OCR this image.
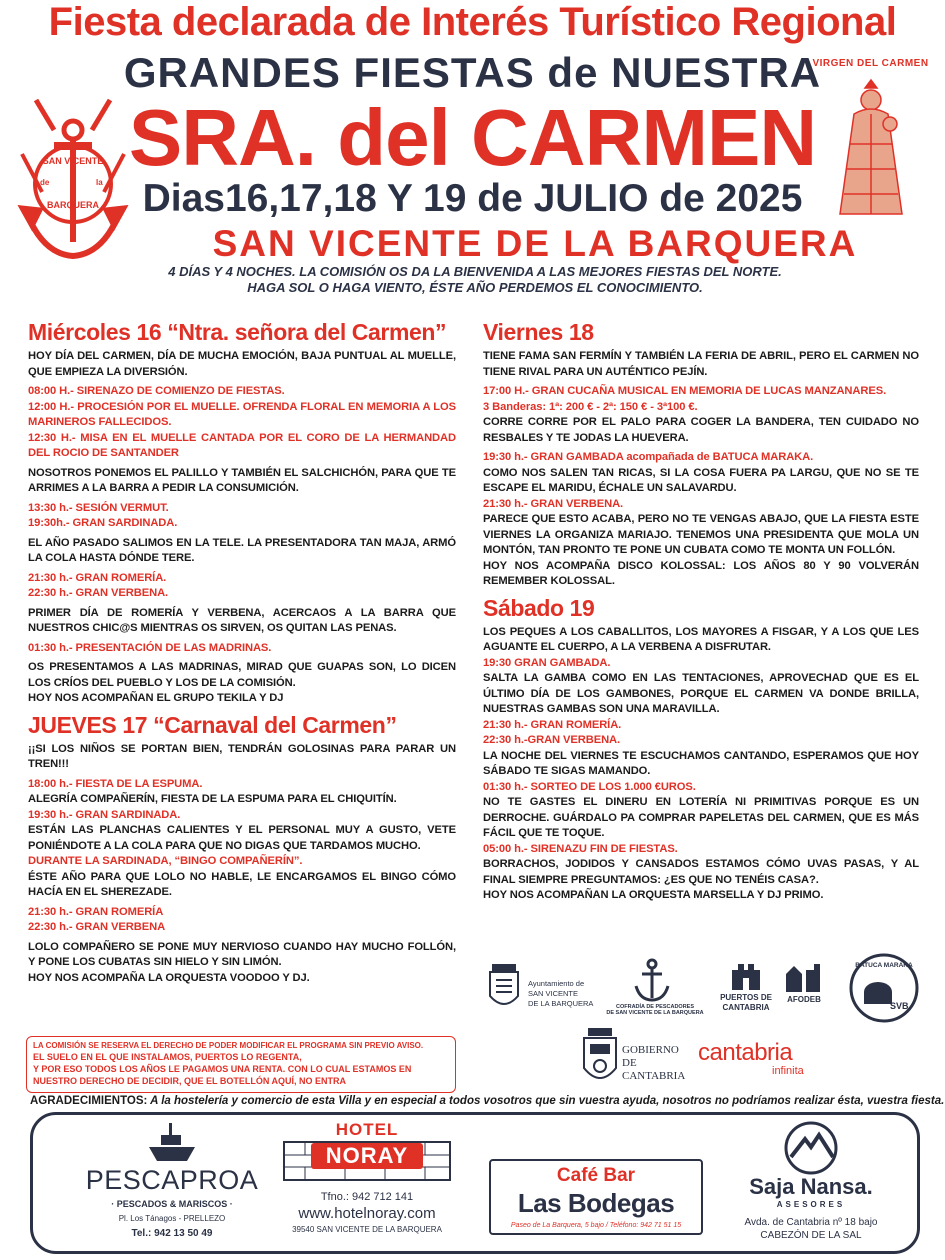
Fiesta declarada de Interés Turístico Regional
GRANDES FIESTAS de NUESTRA
SRA. del CARMEN
Dias16,17,18 Y 19 de JULIO de 2025
SAN VICENTE DE LA BARQUERA
4 DÍAS Y 4 NOCHES. LA COMISIÓN OS DA LA BIENVENIDA A LAS MEJORES FIESTAS DEL NORTE.
HAGA SOL O HAGA VIENTO, ÉSTE AÑO PERDEMOS EL CONOCIMIENTO.
SAN VICENTE
de	la
BARQUERA
VIRGEN DEL CARMEN
Miércoles 16 “Ntra. señora del Carmen”
HOY DÍA DEL CARMEN, DÍA DE MUCHA EMOCIÓN, BAJA PUNTUAL AL MUELLE, QUE EMPIEZA LA DIVERSIÓN.
08:00 H.- SIRENAZO DE COMIENZO DE FIESTAS.
12:00 H.- PROCESIÓN POR EL MUELLE. OFRENDA FLORAL EN MEMORIA A LOS MARINEROS FALLECIDOS.
12:30 H.- MISA EN EL MUELLE CANTADA POR EL CORO DE LA HERMANDAD DEL ROCIO DE SANTANDER
NOSOTROS PONEMOS EL PALILLO Y TAMBIÉN EL SALCHICHÓN, PARA QUE TE ARRIMES A LA BARRA A PEDIR LA CONSUMICIÓN.
13:30 h.- SESIÓN VERMUT.
19:30h.- GRAN SARDINADA.
EL AÑO PASADO SALIMOS EN LA TELE. LA PRESENTADORA TAN MAJA, ARMÓ LA COLA HASTA DÓNDE TERE.
21:30 h.- GRAN ROMERÍA.
22:30 h.- GRAN VERBENA.
PRIMER DÍA DE ROMERÍA Y VERBENA, ACERCAOS A LA BARRA QUE NUESTROS CHIC@S MIENTRAS OS SIRVEN, OS QUITAN LAS PENAS.
01:30 h.- PRESENTACIÓN DE LAS MADRINAS.
OS PRESENTAMOS A LAS MADRINAS, MIRAD QUE GUAPAS SON, LO DICEN LOS CRÍOS DEL PUEBLO Y LOS DE LA COMISIÓN.
HOY NOS ACOMPAÑAN EL GRUPO TEKILA Y DJ
JUEVES 17 “Carnaval del Carmen”
¡¡SI LOS NIÑOS SE PORTAN BIEN, TENDRÁN GOLOSINAS PARA PARAR UN TREN!!!
18:00 h.- FIESTA DE LA ESPUMA.
ALEGRÍA COMPAÑERÍN, FIESTA DE LA ESPUMA PARA EL CHIQUITÍN.
19:30 h.- GRAN SARDINADA.
ESTÁN LAS PLANCHAS CALIENTES Y EL PERSONAL MUY A GUSTO, VETE PONIÉNDOTE A LA COLA PARA QUE NO DIGAS QUE TARDAMOS MUCHO.
DURANTE LA SARDINADA, “BINGO COMPAÑERÍN”.
ÉSTE AÑO PARA QUE LOLO NO HABLE, LE ENCARGAMOS EL BINGO CÓMO HACÍA EN EL SHEREZADE.
21:30 h.- GRAN ROMERÍA
22:30 h.- GRAN VERBENA
LOLO COMPAÑERO SE PONE MUY NERVIOSO CUANDO HAY MUCHO FOLLÓN, Y PONE LOS CUBATAS SIN HIELO Y SIN LIMÓN.
HOY NOS ACOMPAÑA LA ORQUESTA VOODOO Y DJ.
Viernes 18
TIENE FAMA SAN FERMÍN Y TAMBIÉN LA FERIA DE ABRIL, PERO EL CARMEN NO TIENE RIVAL PARA UN AUTÉNTICO PEJÍN.
17:00 H.- GRAN CUCAÑA MUSICAL EN MEMORIA DE LUCAS MANZANARES.
3 Banderas: 1ª: 200 € - 2ª: 150 € - 3ª100 €.
CORRE CORRE POR EL PALO PARA COGER LA BANDERA, TEN CUIDADO NO RESBALES Y TE JODAS LA HUEVERA.
19:30 h.- GRAN GAMBADA acompañada de BATUCA MARAKA.
COMO NOS SALEN TAN RICAS, SI LA COSA FUERA PA LARGU, QUE NO SE TE ESCAPE EL MARIDU, ÉCHALE UN SALAVARDU.
21:30 h.- GRAN VERBENA.
PARECE QUE ESTO ACABA, PERO NO TE VENGAS ABAJO, QUE LA FIESTA ESTE VIERNES LA ORGANIZA MARIAJO. TENEMOS UNA PRESIDENTA QUE MOLA UN MONTÓN, TAN PRONTO TE PONE UN CUBATA COMO TE MONTA UN FOLLÓN.
HOY NOS ACOMPAÑA DISCO KOLOSSAL: LOS AÑOS 80 Y 90 VOLVERÁN REMEMBER KOLOSSAL.
Sábado 19
LOS PEQUES A LOS CABALLITOS, LOS MAYORES A FISGAR, Y A LOS QUE LES AGUANTE EL CUERPO, A LA VERBENA A DISFRUTAR.
19:30 GRAN GAMBADA.
SALTA LA GAMBA COMO EN LAS TENTACIONES, APROVECHAD QUE ES EL ÚLTIMO DÍA DE LOS GAMBONES, PORQUE EL CARMEN VA DONDE BRILLA, NUESTRAS GAMBAS SON UNA MARAVILLA.
21:30 h.- GRAN ROMERÍA.
22:30 h.-GRAN VERBENA.
LA NOCHE DEL VIERNES TE ESCUCHAMOS CANTANDO, ESPERAMOS QUE HOY SÁBADO TE SIGAS MAMANDO.
01:30 h.- SORTEO DE LOS 1.000 €UROS.
NO TE GASTES EL DINERU EN LOTERÍA NI PRIMITIVAS PORQUE ES UN DERROCHE. GUÁRDALO PA COMPRAR PAPELETAS DEL CARMEN, QUE ES MÁS FÁCIL QUE TE TOQUE.
05:00 h.- SIRENAZU FIN DE FIESTAS.
BORRACHOS, JODIDOS Y CANSADOS ESTAMOS CÓMO UVAS PASAS, Y AL FINAL SIEMPRE PREGUNTAMOS: ¿ES QUE NO TENÉIS CASA?.
HOY NOS ACOMPAÑAN LA ORQUESTA MARSELLA Y DJ PRIMO.
Ayuntamiento de
SAN VICENTE
DE LA BARQUERA	COFRADÍA DE PESCADORES
DE SAN VICENTE DE LA BARQUERA
PUERTOS DE
CANTABRIA
AFODEB
BATUCA MARAKA
SVB
GOBIERNO
DE
CANTABRIA
cantabria
infinita
LA COMISIÓN SE RESERVA EL DERECHO DE PODER MODIFICAR EL PROGRAMA SIN PREVIO AVISO.
EL SUELO EN EL QUE INSTALAMOS, PUERTOS LO REGENTA,
Y POR ESO TODOS LOS AÑOS LE PAGAMOS UNA RENTA. CON LO CUAL ESTAMOS EN
NUESTRO DERECHO DE DECIDIR, QUE EL BOTELLÓN AQUÍ, NO ENTRA
AGRADECIMIENTOS: A la hostelería y comercio de esta Villa y en especial a todos vosotros que sin vuestra ayuda, nosotros no podríamos realizar ésta, vuestra fiesta.
PESCAPROA
· PESCADOS & MARISCOS ·
Pl. Los Tánagos - PRELLEZO
Tel.: 942 13 50 49
HOTEL
NORAY
Tfno.: 942 712 141
www.hotelnoray.com
39540 SAN VICENTE DE LA BARQUERA
Café Bar
Las Bodegas
Paseo de La Barquera, 5 bajo / Teléfono: 942 71 51 15
Saja Nansa.
ASESORES
Avda. de Cantabria nº 18 bajo
CABEZÓN DE LA SAL
